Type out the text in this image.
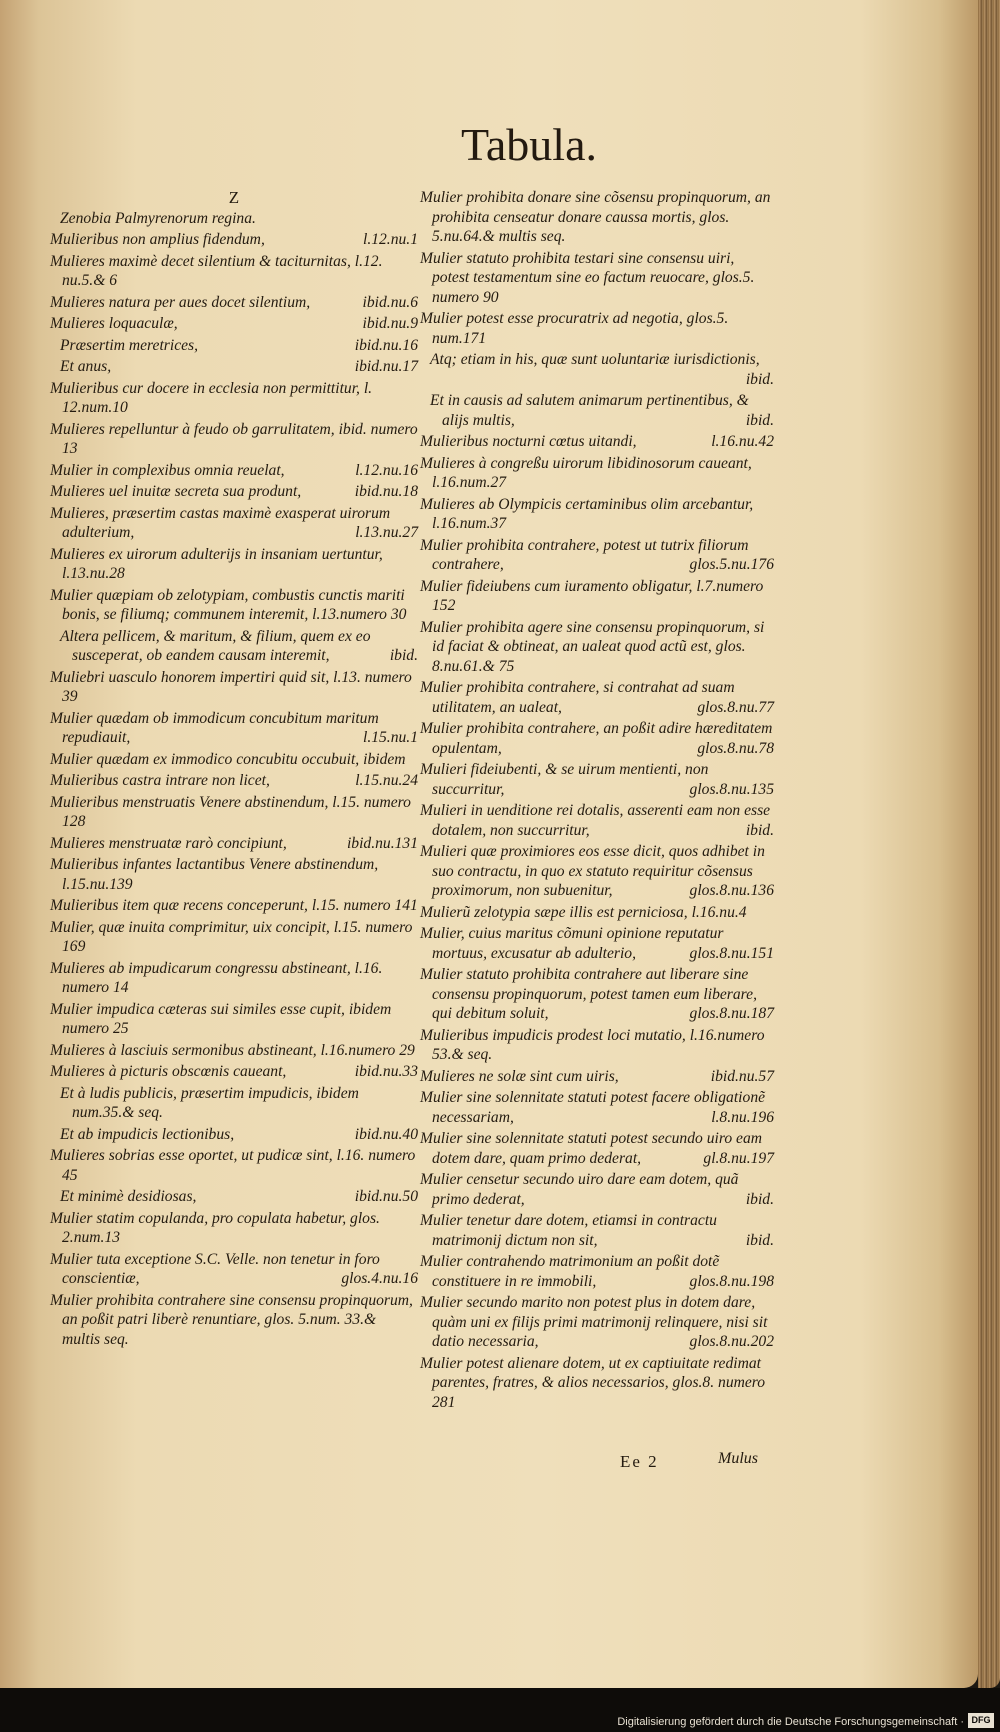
Tabula.
Z
Zenobia Palmyrenorum regina.
Mulieribus non amplius fidendum,	l.12.nu.1
Mulieres maximè decet silentium & taciturnitas, l.12. nu.5.& 6
Mulieres natura per aues docet silentium,	ibid.nu.6
Mulieres loquaculæ,	ibid.nu.9
Præsertim meretrices,	ibid.nu.16
Et anus,	ibid.nu.17
Mulieribus cur docere in ecclesia non permittitur, l. 12.num.10
Mulieres repelluntur à feudo ob garrulitatem, ibid. numero 13
Mulier in complexibus omnia reuelat,	l.12.nu.16
Mulieres uel inuitæ secreta sua produnt,	ibid.nu.18
Mulieres, præsertim castas maximè exasperat uirorum adulterium,	l.13.nu.27
Mulieres ex uirorum adulterijs in insaniam uertuntur, l.13.nu.28
Mulier quæpiam ob zelotypiam, combustis cunctis mariti bonis, se filiumq; communem interemit, l.13.numero 30
Altera pellicem, & maritum, & filium, quem ex eo susceperat, ob eandem causam interemit,	ibid.
Muliebri uasculo honorem impertiri quid sit, l.13. numero 39
Mulier quædam ob immodicum concubitum maritum repudiauit,	l.15.nu.1
Mulier quædam ex immodico concubitu occubuit, ibidem
Mulieribus castra intrare non licet,	l.15.nu.24
Mulieribus menstruatis Venere abstinendum, l.15. numero 128
Mulieres menstruatæ rarò concipiunt,	ibid.nu.131
Mulieribus infantes lactantibus Venere abstinendum, l.15.nu.139
Mulieribus item quæ recens conceperunt, l.15. numero 141
Mulier, quæ inuita comprimitur, uix concipit, l.15. numero 169
Mulieres ab impudicarum congressu abstineant, l.16. numero 14
Mulier impudica cæteras sui similes esse cupit, ibidem numero 25
Mulieres à lasciuis sermonibus abstineant, l.16.numero 29
Mulieres à picturis obscœnis caueant,	ibid.nu.33
Et à ludis publicis, præsertim impudicis, ibidem num.35.& seq.
Et ab impudicis lectionibus,	ibid.nu.40
Mulieres sobrias esse oportet, ut pudicæ sint, l.16. numero 45
Et minimè desidiosas,	ibid.nu.50
Mulier statim copulanda, pro copulata habetur, glos. 2.num.13
Mulier tuta exceptione S.C. Velle. non tenetur in foro conscientiæ,	glos.4.nu.16
Mulier prohibita contrahere sine consensu propinquorum, an poßit patri liberè renuntiare, glos. 5.num. 33.& multis seq.
Mulier prohibita donare sine cõsensu propinquorum, an prohibita censeatur donare caussa mortis, glos. 5.nu.64.& multis seq.
Mulier statuto prohibita testari sine consensu uiri, potest testamentum sine eo factum reuocare, glos.5. numero 90
Mulier potest esse procuratrix ad negotia, glos.5. num.171
Atq; etiam in his, quæ sunt uoluntariæ iurisdictionis,
ibid.
Et in causis ad salutem animarum pertinentibus, & alijs multis,	ibid.
Mulieribus nocturni cœtus uitandi,	l.16.nu.42
Mulieres à congreßu uirorum libidinosorum caueant, l.16.num.27
Mulieres ab Olympicis certaminibus olim arcebantur, l.16.num.37
Mulier prohibita contrahere, potest ut tutrix filiorum contrahere,	glos.5.nu.176
Mulier fideiubens cum iuramento obligatur, l.7.numero 152
Mulier prohibita agere sine consensu propinquorum, si id faciat & obtineat, an ualeat quod actũ est, glos. 8.nu.61.& 75
Mulier prohibita contrahere, si contrahat ad suam utilitatem, an ualeat,	glos.8.nu.77
Mulier prohibita contrahere, an poßit adire hæreditatem opulentam,	glos.8.nu.78
Mulieri fideiubenti, & se uirum mentienti, non succurritur,	glos.8.nu.135
Mulieri in uenditione rei dotalis, asserenti eam non esse dotalem, non succurritur,	ibid.
Mulieri quæ proximiores eos esse dicit, quos adhibet in suo contractu, in quo ex statuto requiritur cõsensus proximorum, non subuenitur,	glos.8.nu.136
Mulierũ zelotypia sæpe illis est perniciosa, l.16.nu.4
Mulier, cuius maritus cõmuni opinione reputatur mortuus, excusatur ab adulterio,	glos.8.nu.151
Mulier statuto prohibita contrahere aut liberare sine consensu propinquorum, potest tamen eum liberare, qui debitum soluit,	glos.8.nu.187
Mulieribus impudicis prodest loci mutatio, l.16.numero 53.& seq.
Mulieres ne solæ sint cum uiris,	ibid.nu.57
Mulier sine solennitate statuti potest facere obligationẽ necessariam,	l.8.nu.196
Mulier sine solennitate statuti potest secundo uiro eam dotem dare, quam primo dederat,	gl.8.nu.197
Mulier censetur secundo uiro dare eam dotem, quã primo dederat,	ibid.
Mulier tenetur dare dotem, etiamsi in contractu matrimonij dictum non sit,	ibid.
Mulier contrahendo matrimonium an poßit dotẽ constituere in re immobili,	glos.8.nu.198
Mulier secundo marito non potest plus in dotem dare, quàm uni ex filijs primi matrimonij relinquere, nisi sit datio necessaria,	glos.8.nu.202
Mulier potest alienare dotem, ut ex captiuitate redimat parentes, fratres, & alios necessarios, glos.8. numero 281
Ee 2	Mulus
Digitalisierung gefördert durch die Deutsche Forschungsgemeinschaft · DFG
